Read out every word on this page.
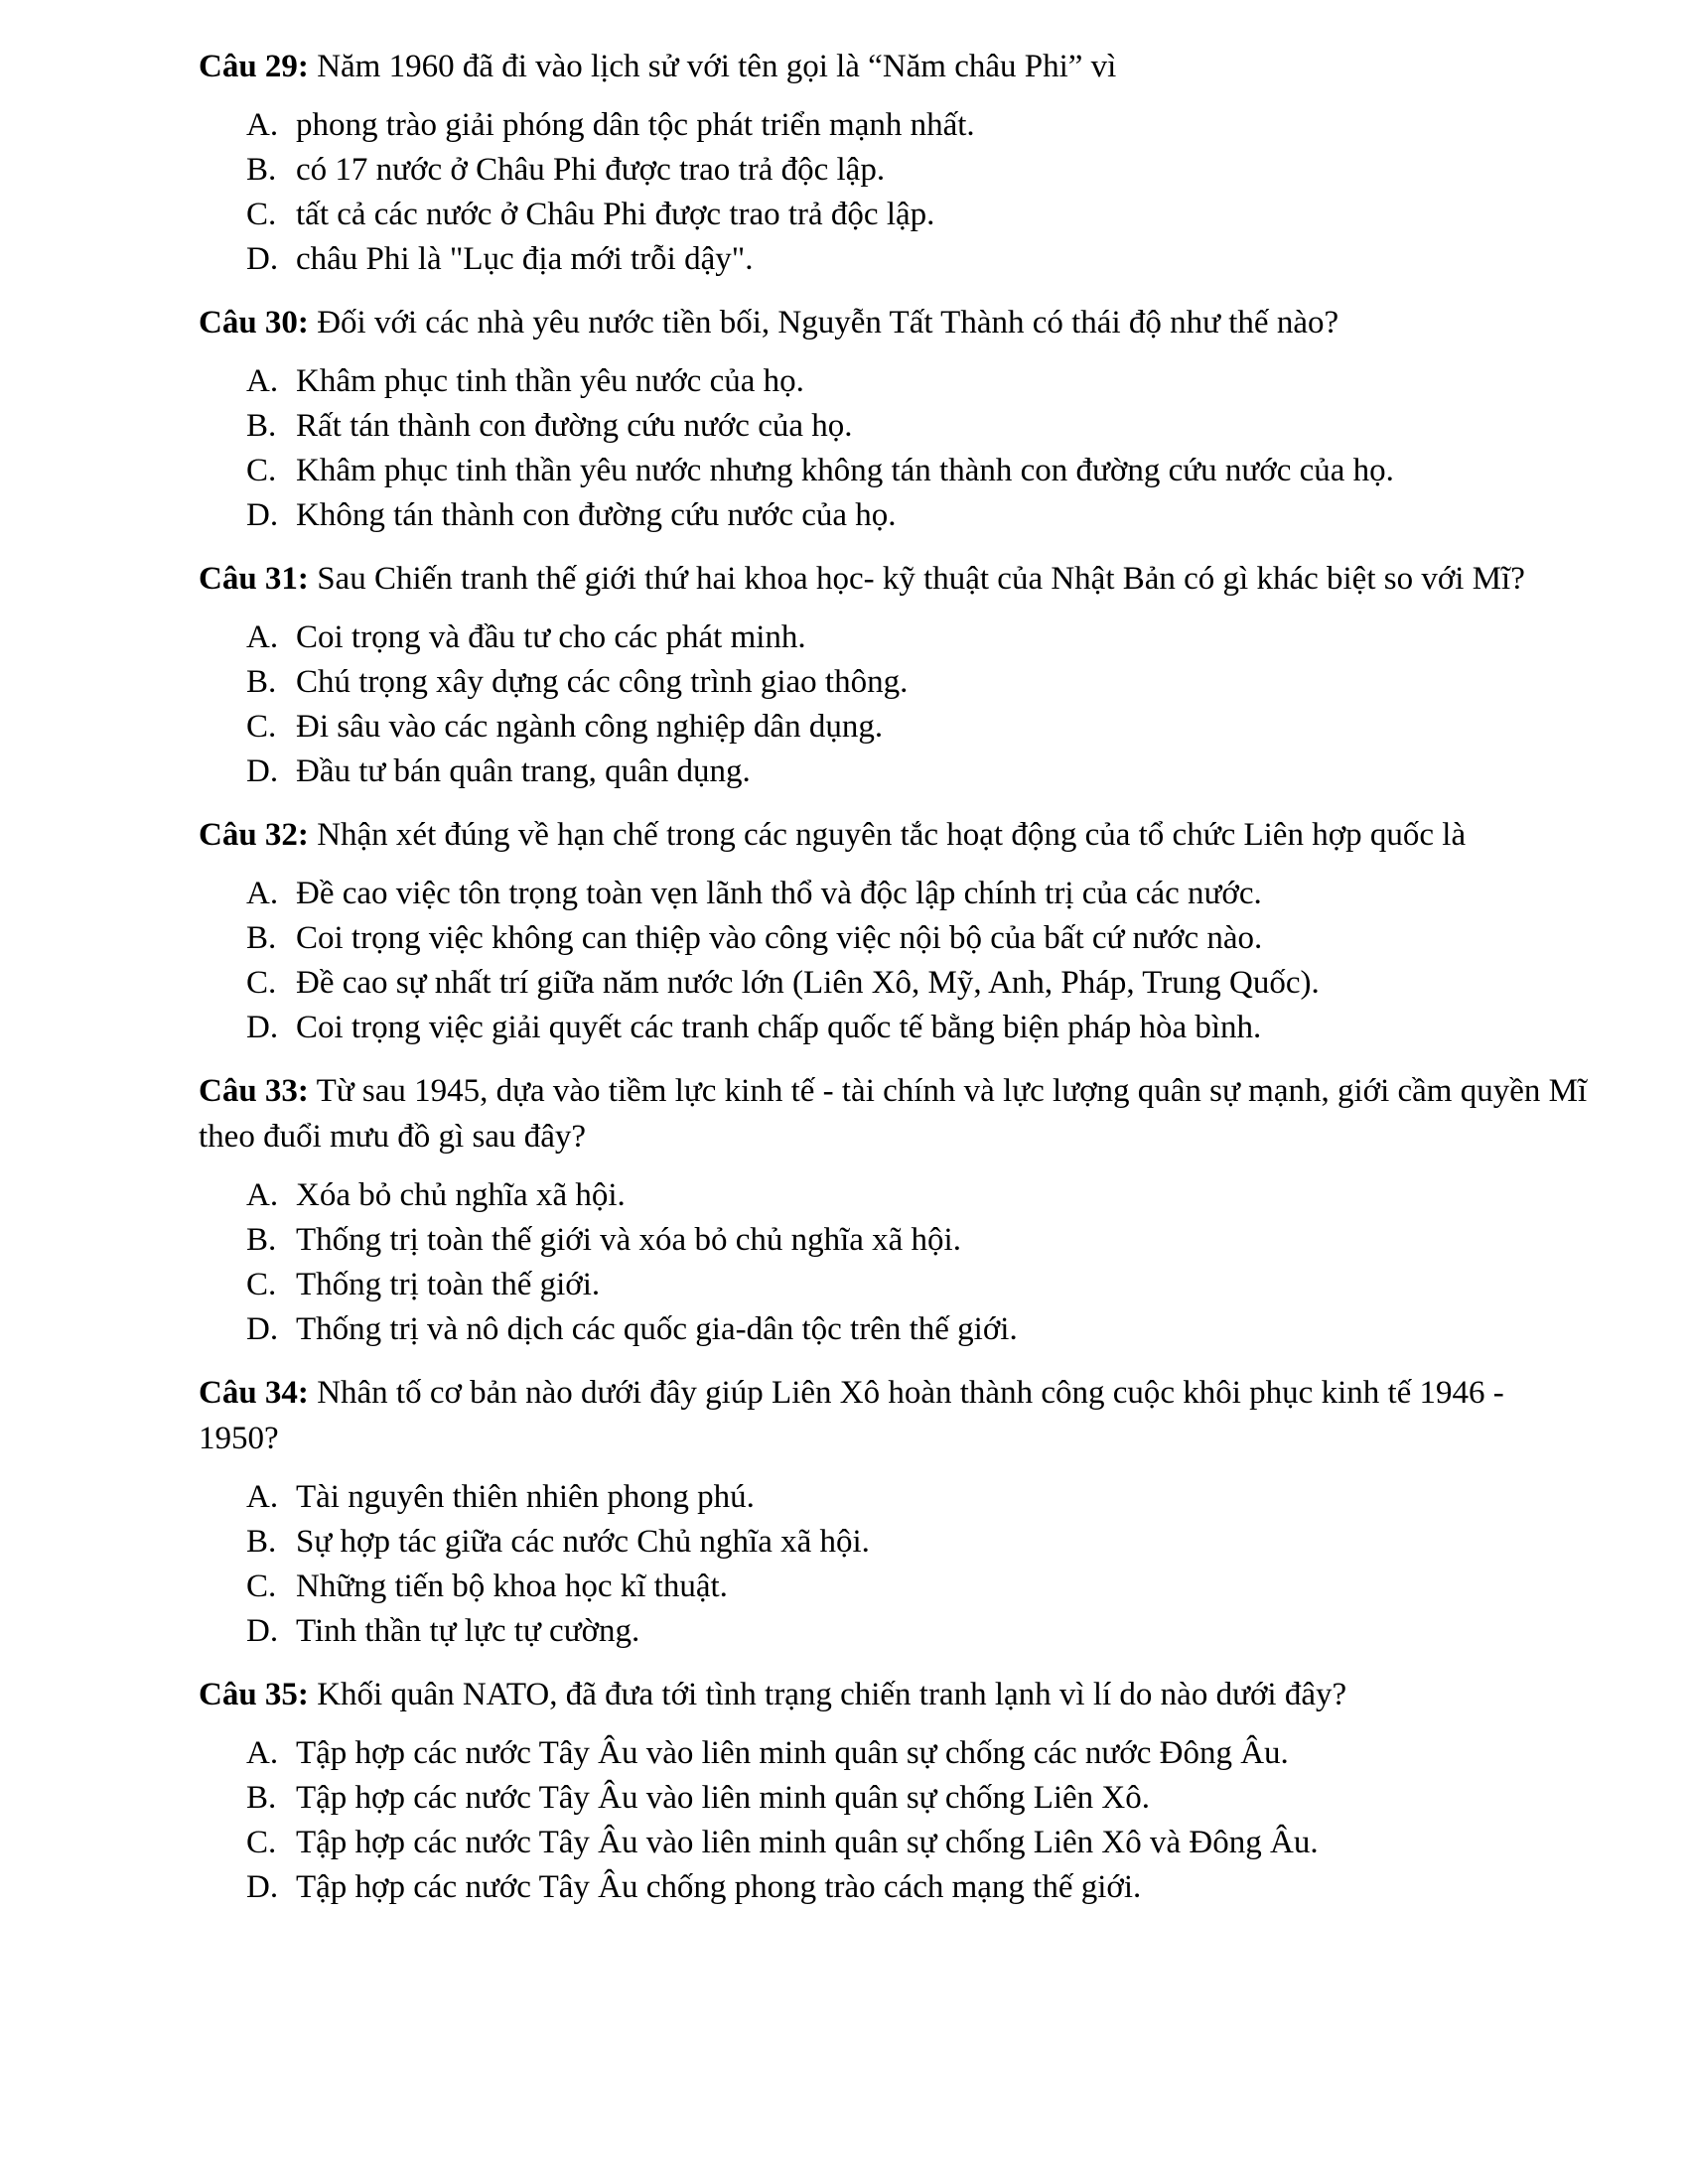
Câu 29: Năm 1960 đã đi vào lịch sử với tên gọi là “Năm châu Phi” vì

A. phong trào giải phóng dân tộc phát triển mạnh nhất.
B. có 17 nước ở Châu Phi được trao trả độc lập.
C. tất cả các nước ở Châu Phi được trao trả độc lập.
D. châu Phi là "Lục địa mới trỗi dậy".

Câu 30: Đối với các nhà yêu nước tiền bối, Nguyễn Tất Thành có thái độ như thế nào?

A. Khâm phục tinh thần yêu nước của họ.
B. Rất tán thành con đường cứu nước của họ.
C. Khâm phục tinh thần yêu nước nhưng không tán thành con đường cứu nước của họ.
D. Không tán thành con đường cứu nước của họ.

Câu 31: Sau Chiến tranh thế giới thứ hai khoa học- kỹ thuật của Nhật Bản có gì khác biệt so với Mĩ?

A. Coi trọng và đầu tư cho các phát minh.
B. Chú trọng xây dựng các công trình giao thông.
C. Đi sâu vào các ngành công nghiệp dân dụng.
D. Đầu tư bán quân trang, quân dụng.

Câu 32: Nhận xét đúng về hạn chế trong các nguyên tắc hoạt động của tổ chức Liên hợp quốc là

A. Đề cao việc tôn trọng toàn vẹn lãnh thổ và độc lập chính trị của các nước.
B. Coi trọng việc không can thiệp vào công việc nội bộ của bất cứ nước nào.
C. Đề cao sự nhất trí giữa năm nước lớn (Liên Xô, Mỹ, Anh, Pháp, Trung Quốc).
D. Coi trọng việc giải quyết các tranh chấp quốc tế bằng biện pháp hòa bình.

Câu 33: Từ sau 1945, dựa vào tiềm lực kinh tế - tài chính và lực lượng quân sự mạnh, giới cầm quyền Mĩ theo đuổi mưu đồ gì sau đây?

A. Xóa bỏ chủ nghĩa xã hội.
B. Thống trị toàn thế giới và xóa bỏ chủ nghĩa xã hội.
C. Thống trị toàn thế giới.
D. Thống trị và nô dịch các quốc gia-dân tộc trên thế giới.

Câu 34: Nhân tố cơ bản nào dưới đây giúp Liên Xô hoàn thành công cuộc khôi phục kinh tế 1946 - 1950?

A. Tài nguyên thiên nhiên phong phú.
B. Sự hợp tác giữa các nước Chủ nghĩa xã hội.
C. Những tiến bộ khoa học kĩ thuật.
D. Tinh thần tự lực tự cường.

Câu 35: Khối quân NATO, đã đưa tới tình trạng chiến tranh lạnh vì lí do nào dưới đây?

A. Tập hợp các nước Tây Âu vào liên minh quân sự chống các nước Đông Âu.
B. Tập hợp các nước Tây Âu vào liên minh quân sự chống Liên Xô.
C. Tập hợp các nước Tây Âu vào liên minh quân sự chống Liên Xô và Đông Âu.
D. Tập hợp các nước Tây Âu chống phong trào cách mạng thế giới.
